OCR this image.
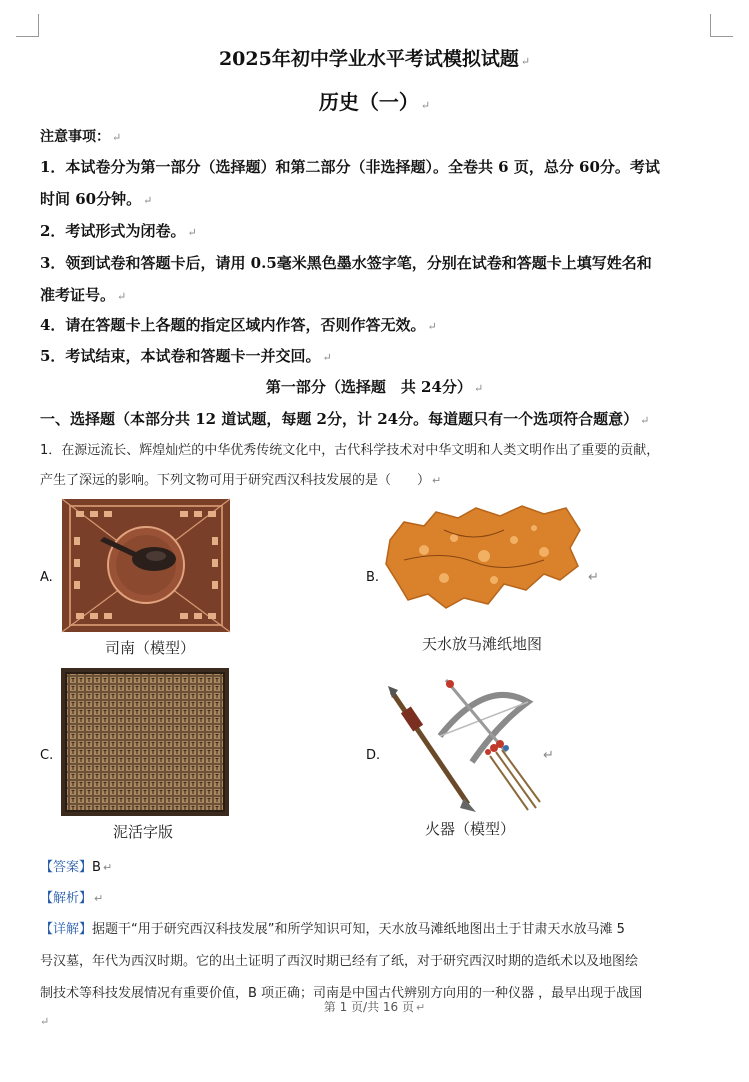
2025年初中学业水平考试模拟试题 ↵
历史（一） ↵
注意事项： ↵
1．本试卷分为第一部分（选择题）和第二部分（非选择题）。全卷共 6 页，总分 60分。考试
时间 60分钟。 ↵
2．考试形式为闭卷。 ↵
3．领到试卷和答题卡后，请用 0.5毫米黑色墨水签字笔，分别在试卷和答题卡上填写姓名和
准考证号。 ↵
4．请在答题卡上各题的指定区域内作答，否则作答无效。 ↵
5．考试结束，本试卷和答题卡一并交回。 ↵
第一部分（选择题　共 24分） ↵
一、选择题（本部分共 12 道试题，每题 2分，计 24分。每道题只有一个选项符合题意） ↵
1．在源远流长、辉煌灿烂的中华优秀传统文化中，古代科学技术对中华文明和人类文明作出了重要的贡献，
产生了深远的影响。下列文物可用于研究西汉科技发展的是（　　） ↵
A.
司南（模型）
B.	↵
天水放马滩纸地图
C.
泥活字版
D.	↵
火器（模型）
【答案】B ↵
【解析】 ↵
【详解】据题干“用于研究西汉科技发展”和所学知识可知，天水放马滩纸地图出土于甘肃天水放马滩 5
号汉墓，年代为西汉时期。它的出土证明了西汉时期已经有了纸，对于研究西汉时期的造纸术以及地图绘
制技术等科技发展情况有重要价值，B 项正确；司南是中国古代辨别方向用的一种仪器 ，最早出现于战国
↵
第 1 页/共 16 页 ↵
